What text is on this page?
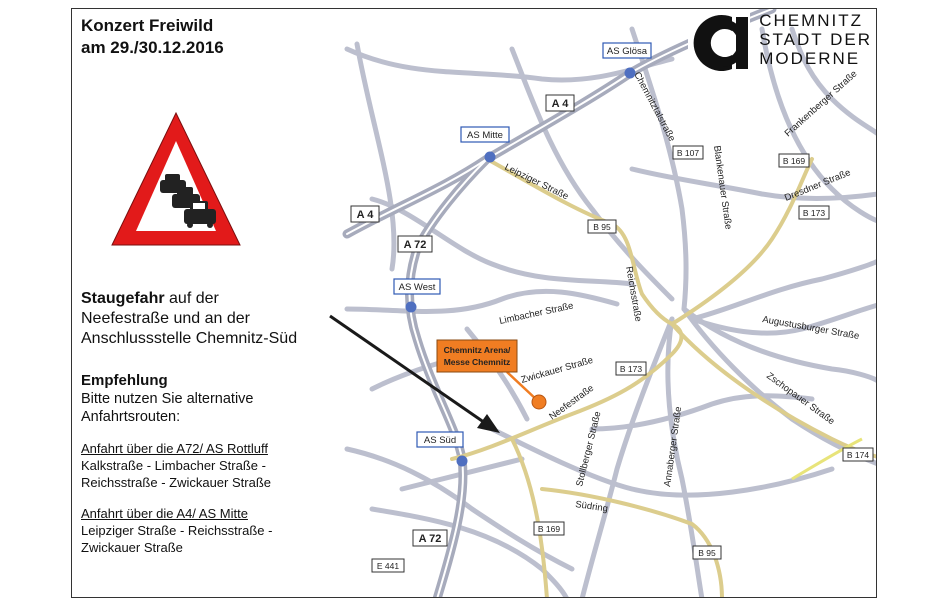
AS Glösa
AS Mitte
AS West
AS Süd
Chemnitz Arena/
Messe Chemnitz
A 4
A 4
A 72
A 72
B 107
B 169
B 173
B 95
B 173
B 174
B 169
B 95
E 441
Chemnitztalstraße
Blankenauer Straße
Frankenberger Straße
Dresdner Straße
Leipziger Straße
Reichsstraße
Limbacher Straße
Augustusburger Straße
Zwickauer Straße
Zschopauer Straße
Neefestraße
Stollberger Straße	Annaberger Straße
Südring
Konzert Freiwild
am 29./30.12.2016
CHEMNITZ
STADT DER
MODERNE
Staugefahr auf der
Neefestraße und an der
Anschlussstelle Chemnitz-Süd
Empfehlung
Bitte nutzen Sie alternative
Anfahrtsrouten:
Anfahrt über die A72/ AS Rottluff
Kalkstraße - Limbacher Straße -
Reichsstraße - Zwickauer Straße
Anfahrt über die A4/ AS Mitte
Leipziger Straße - Reichsstraße -
Zwickauer Straße
